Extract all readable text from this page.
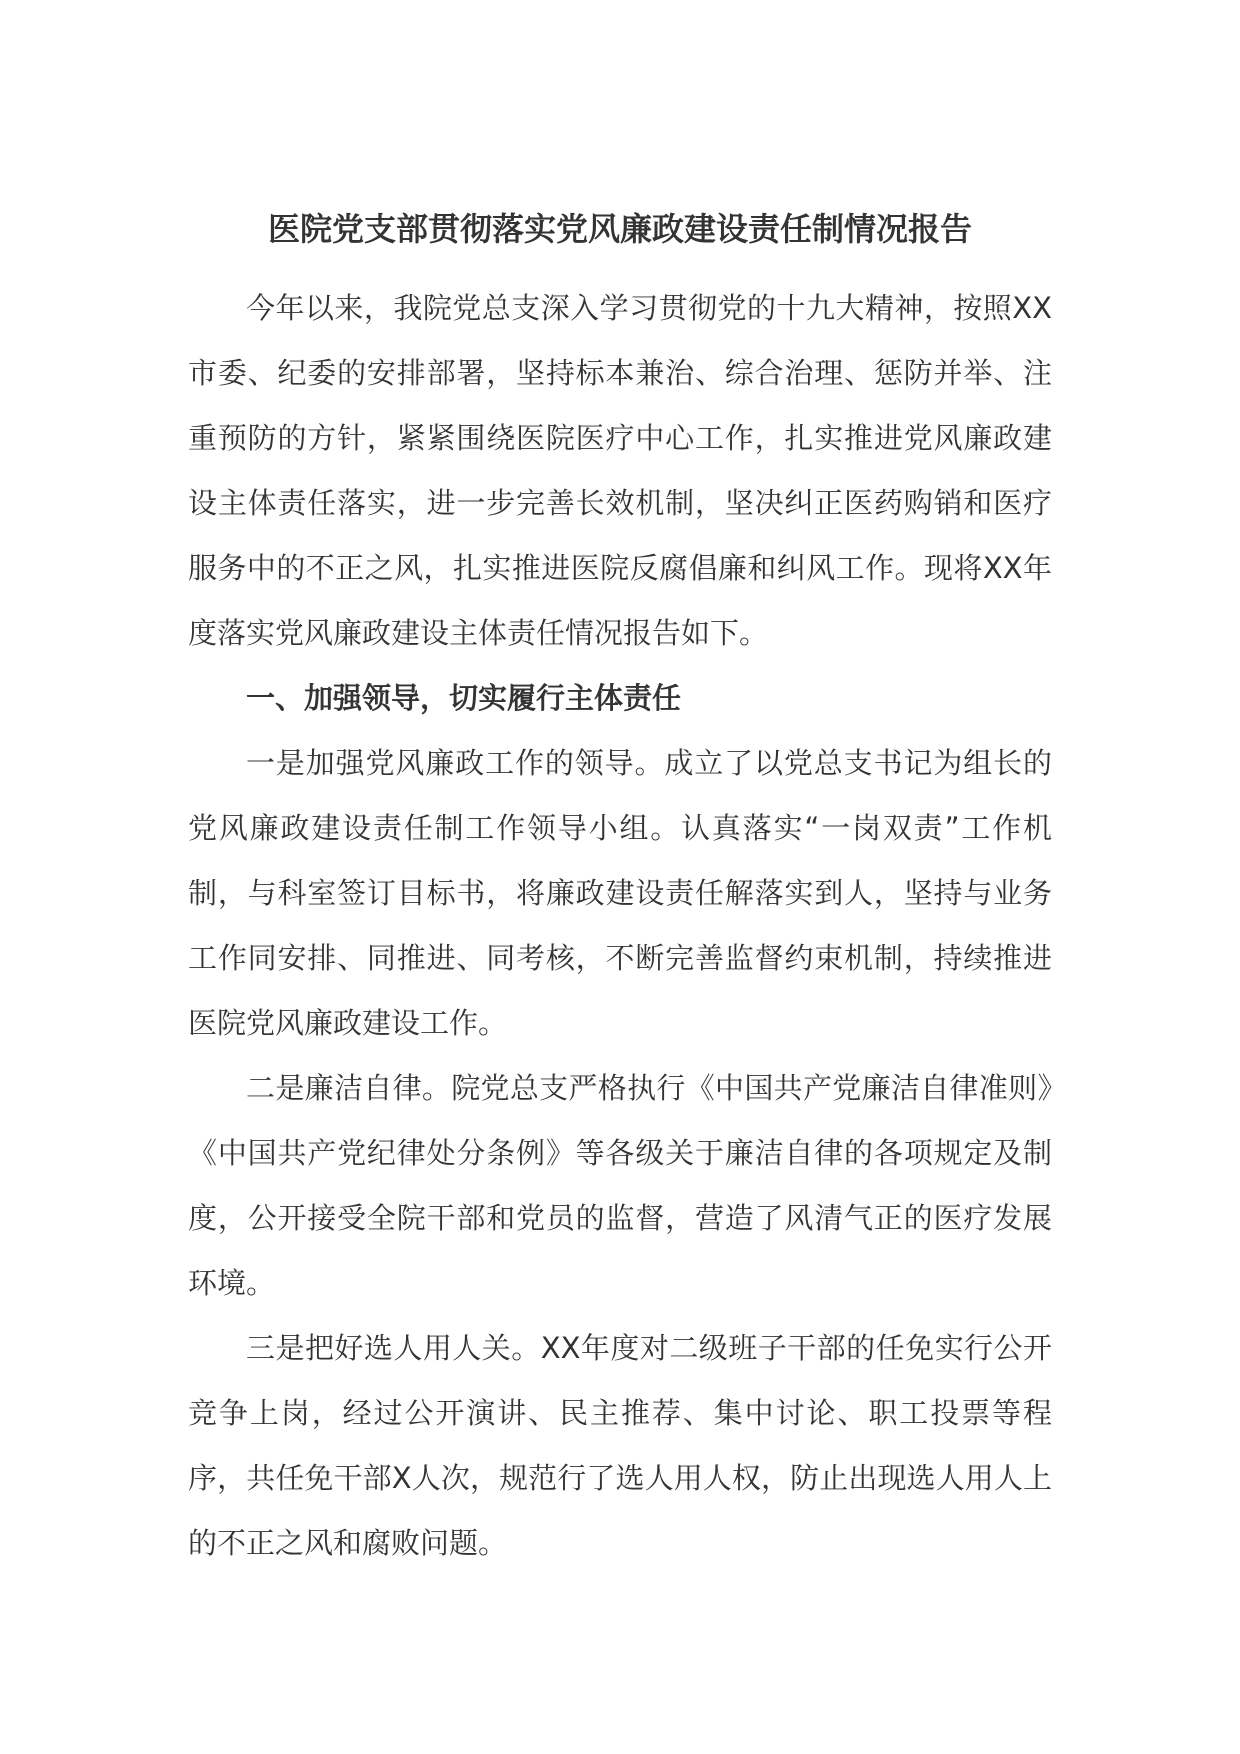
医院党支部贯彻落实党风廉政建设责任制情况报告

今年以来，我院党总支深入学习贯彻党的十九大精神，按照XX市委、纪委的安排部署，坚持标本兼治、综合治理、惩防并举、注重预防的方针，紧紧围绕医院医疗中心工作，扎实推进党风廉政建设主体责任落实，进一步完善长效机制，坚决纠正医药购销和医疗服务中的不正之风，扎实推进医院反腐倡廉和纠风工作。现将XX年度落实党风廉政建设主体责任情况报告如下。

一、加强领导，切实履行主体责任

一是加强党风廉政工作的领导。成立了以党总支书记为组长的党风廉政建设责任制工作领导小组。认真落实“一岗双责”工作机制，与科室签订目标书，将廉政建设责任解落实到人，坚持与业务工作同安排、同推进、同考核，不断完善监督约束机制，持续推进医院党风廉政建设工作。

二是廉洁自律。院党总支严格执行《中国共产党廉洁自律准则》《中国共产党纪律处分条例》等各级关于廉洁自律的各项规定及制度，公开接受全院干部和党员的监督，营造了风清气正的医疗发展环境。

三是把好选人用人关。XX年度对二级班子干部的任免实行公开竞争上岗，经过公开演讲、民主推荐、集中讨论、职工投票等程序，共任免干部X人次，规范行了选人用人权，防止出现选人用人上的不正之风和腐败问题。
